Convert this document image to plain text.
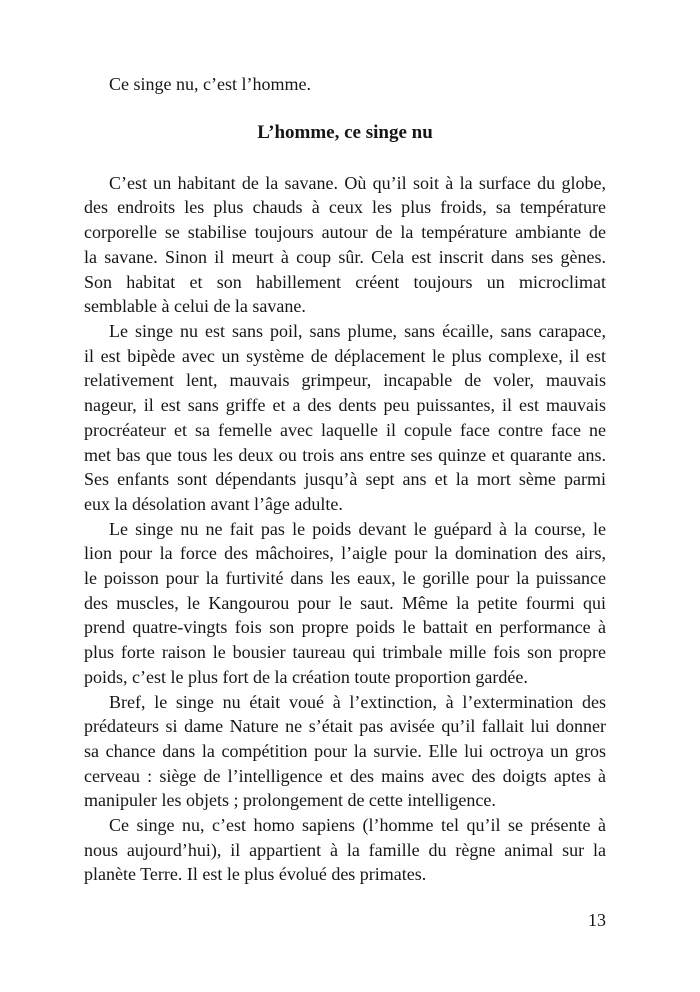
Ce singe nu, c’est l’homme.
L’homme, ce singe nu
C’est un habitant de la savane. Où qu’il soit à la surface du globe,
des endroits les plus chauds à ceux les plus froids, sa température
corporelle se stabilise toujours autour de la température ambiante de
la savane. Sinon il meurt à coup sûr. Cela est inscrit dans ses gènes.
Son habitat et son habillement créent toujours un microclimat
semblable à celui de la savane.
Le singe nu est sans poil, sans plume, sans écaille, sans carapace,
il est bipède avec un système de déplacement le plus complexe, il est
relativement lent, mauvais grimpeur, incapable de voler, mauvais
nageur, il est sans griffe et a des dents peu puissantes, il est mauvais
procréateur et sa femelle avec laquelle il copule face contre face ne
met bas que tous les deux ou trois ans entre ses quinze et quarante ans.
Ses enfants sont dépendants jusqu’à sept ans et la mort sème parmi
eux la désolation avant l’âge adulte.
Le singe nu ne fait pas le poids devant le guépard à la course, le
lion pour la force des mâchoires, l’aigle pour la domination des airs,
le poisson pour la furtivité dans les eaux, le gorille pour la puissance
des muscles, le Kangourou pour le saut. Même la petite fourmi qui
prend quatre-vingts fois son propre poids le battait en performance à
plus forte raison le bousier taureau qui trimbale mille fois son propre
poids, c’est le plus fort de la création toute proportion gardée.
Bref, le singe nu était voué à l’extinction, à l’extermination des
prédateurs si dame Nature ne s’était pas avisée qu’il fallait lui donner
sa chance dans la compétition pour la survie. Elle lui octroya un gros
cerveau : siège de l’intelligence et des mains avec des doigts aptes à
manipuler les objets ; prolongement de cette intelligence.
Ce singe nu, c’est homo sapiens (l’homme tel qu’il se présente à
nous aujourd’hui), il appartient à la famille du règne animal sur la
planète Terre. Il est le plus évolué des primates.
13
